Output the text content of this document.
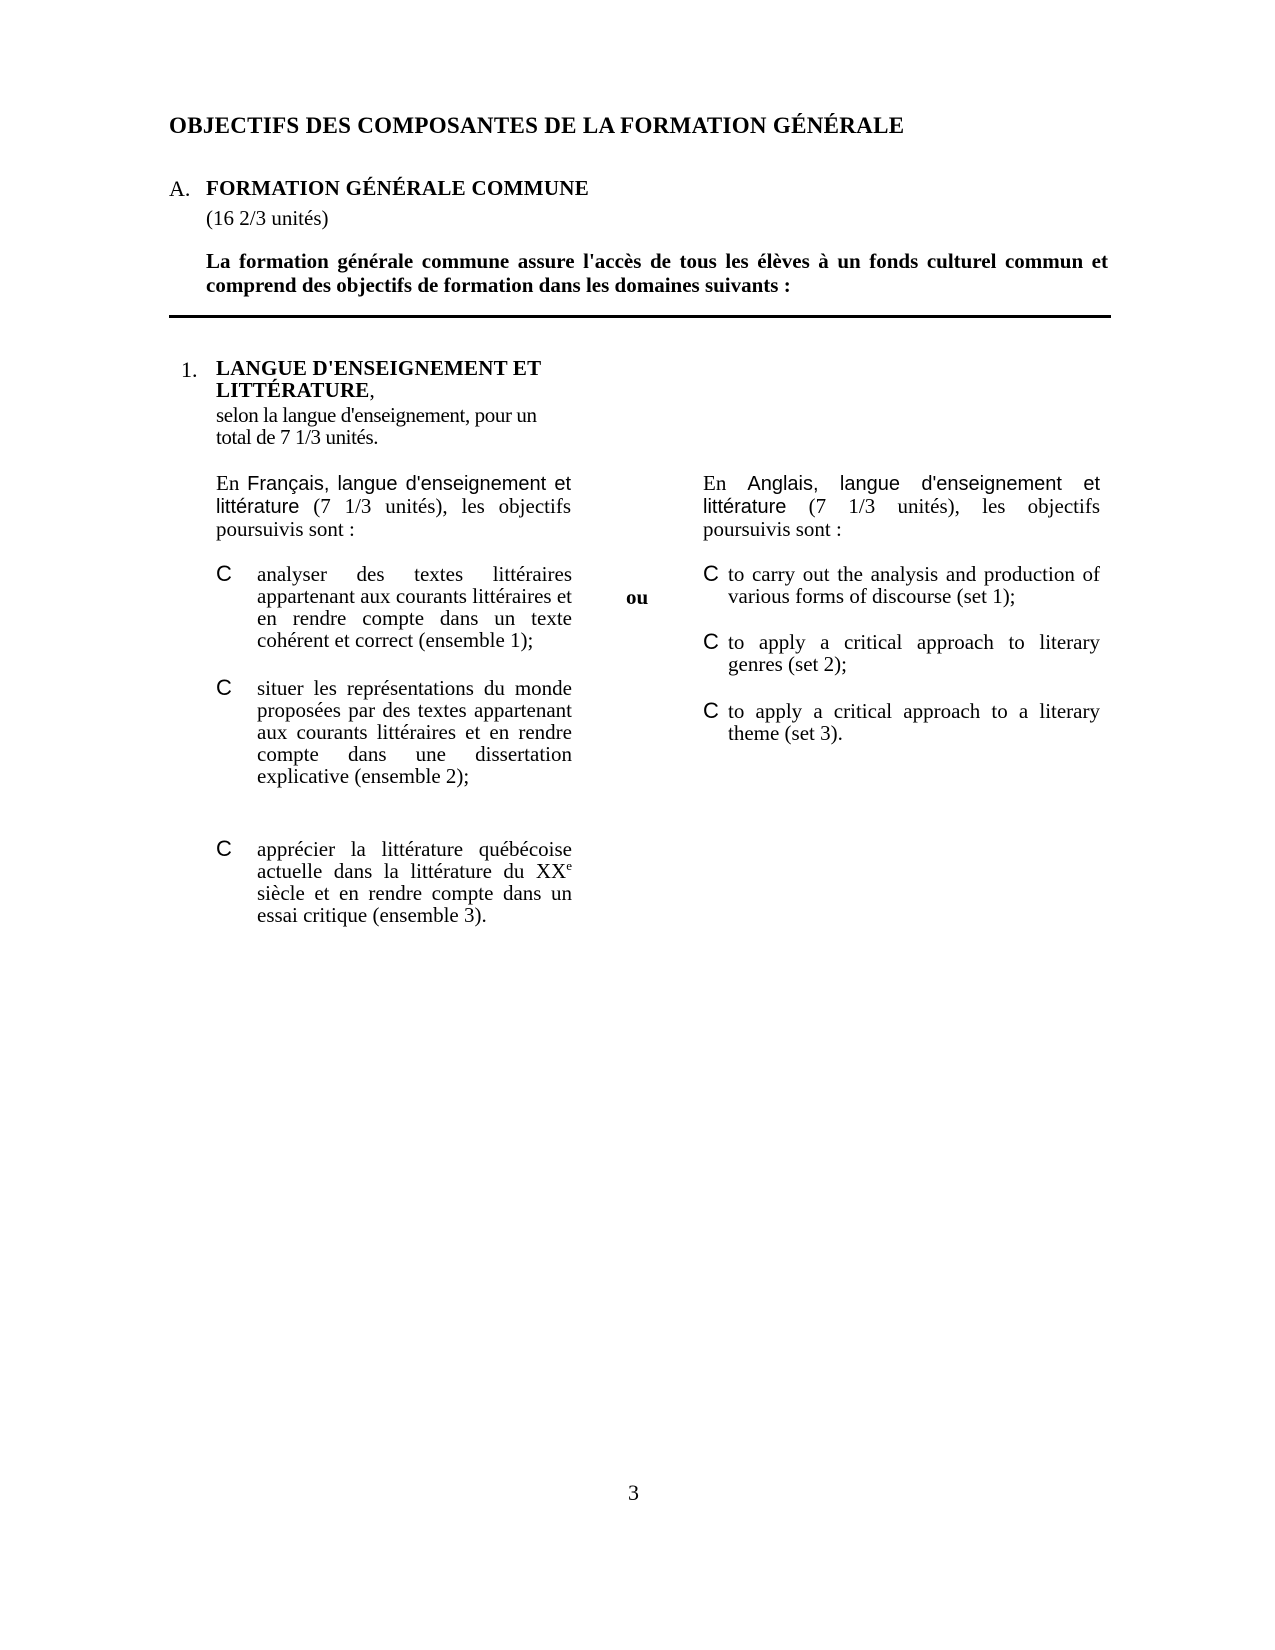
OBJECTIFS DES COMPOSANTES DE LA FORMATION GÉNÉRALE
A. FORMATION GÉNÉRALE COMMUNE
(16 2/3 unités)
La formation générale commune assure l'accès de tous les élèves à un fonds culturel commun et comprend des objectifs de formation dans les domaines suivants :
1. LANGUE D'ENSEIGNEMENT ET LITTÉRATURE,
selon la langue d'enseignement, pour un total de 7 1/3 unités.
En Français, langue d'enseignement et littérature (7 1/3 unités), les objectifs poursuivis sont :
En Anglais, langue d'enseignement et littérature (7 1/3 unités), les objectifs poursuivis sont :
C analyser des textes littéraires appartenant aux courants littéraires et en rendre compte dans un texte cohérent et correct (ensemble 1);
C situer les représentations du monde proposées par des textes appartenant aux courants littéraires et en rendre compte dans une dissertation explicative (ensemble 2);
C apprécier la littérature québécoise actuelle dans la littérature du XXe siècle et en rendre compte dans un essai critique (ensemble 3).
ou
C to carry out the analysis and production of various forms of discourse (set 1);
C to apply a critical approach to literary genres (set 2);
C to apply a critical approach to a literary theme (set 3).
3
